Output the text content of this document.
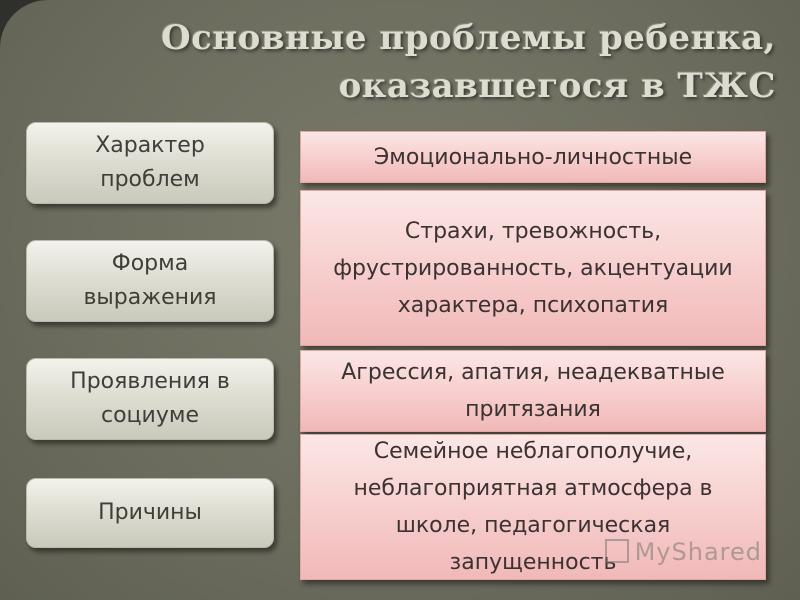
Основные проблемы ребенка,
оказавшегося в ТЖС
Характер проблем
Форма выражения
Проявления в социуме
Причины
Эмоционально-личностные
Страхи, тревожность, фрустрированность, акцентуации характера, психопатия
Агрессия, апатия, неадекватные притязания
Семейное неблагополучие, неблагоприятная атмосфера в школе, педагогическая запущенность MyShared
